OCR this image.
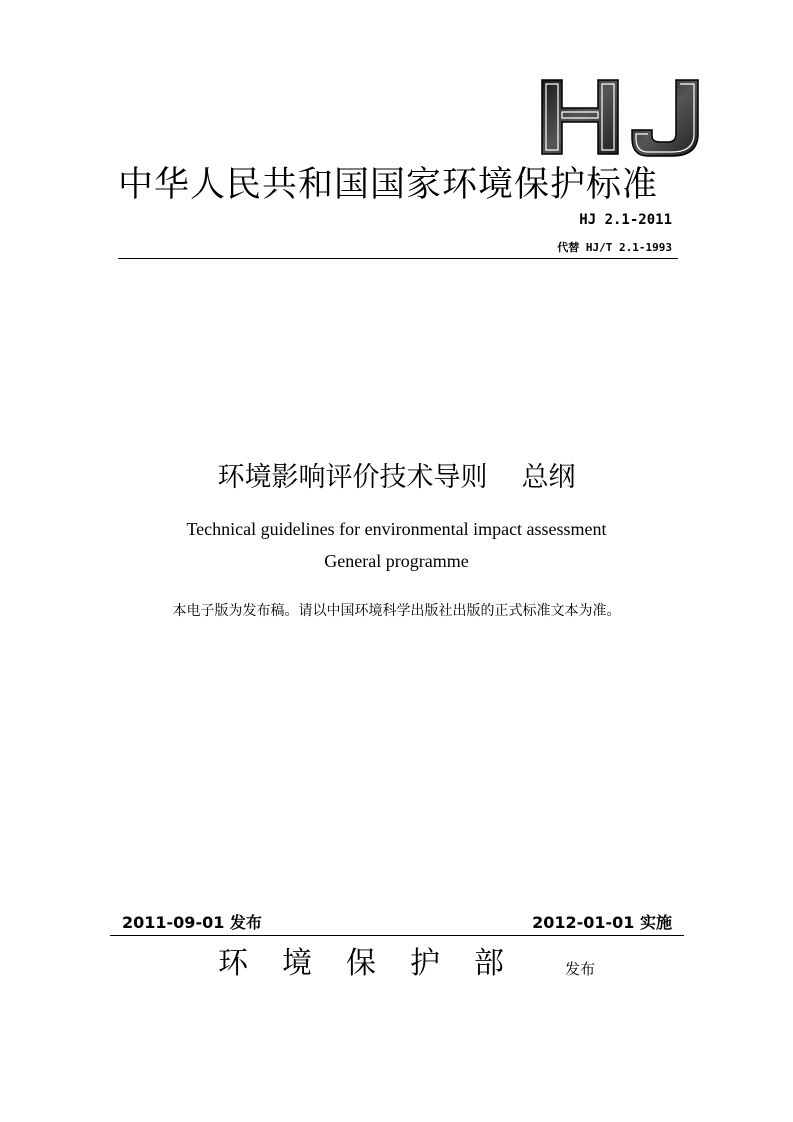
中华人民共和国国家环境保护标准
HJ 2.1-2011
代替 HJ/T 2.1-1993
环境影响评价技术导则 总纲
Technical guidelines for environmental impact assessment
General programme
本电子版为发布稿。请以中国环境科学出版社出版的正式标准文本为准。
2011-09-01 发布	2012-01-01 实施
环境保护部 发布
